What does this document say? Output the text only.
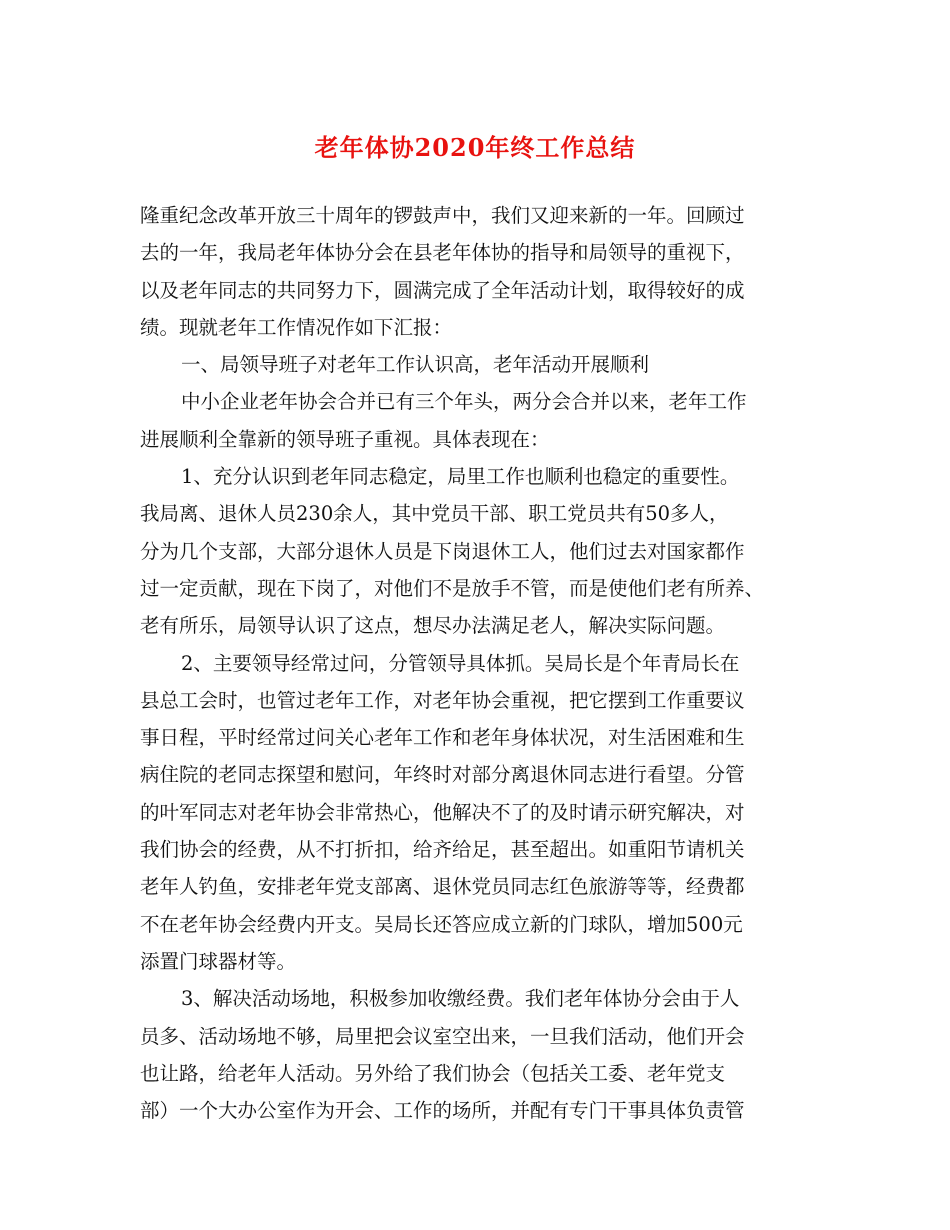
老年体协2020年终工作总结
隆重纪念改革开放三十周年的锣鼓声中，我们又迎来新的一年。回顾过
去的一年，我局老年体协分会在县老年体协的指导和局领导的重视下，
以及老年同志的共同努力下，圆满完成了全年活动计划，取得较好的成
绩。现就老年工作情况作如下汇报：
一、局领导班子对老年工作认识高，老年活动开展顺利
中小企业老年协会合并已有三个年头，两分会合并以来，老年工作
进展顺利全靠新的领导班子重视。具体表现在：
1、充分认识到老年同志稳定，局里工作也顺利也稳定的重要性。
我局离、退休人员230余人，其中党员干部、职工党员共有50多人，
分为几个支部，大部分退休人员是下岗退休工人，他们过去对国家都作
过一定贡献，现在下岗了，对他们不是放手不管，而是使他们老有所养、
老有所乐，局领导认识了这点，想尽办法满足老人，解决实际问题。
2、主要领导经常过问，分管领导具体抓。吴局长是个年青局长在
县总工会时，也管过老年工作，对老年协会重视，把它摆到工作重要议
事日程，平时经常过问关心老年工作和老年身体状况，对生活困难和生
病住院的老同志探望和慰问，年终时对部分离退休同志进行看望。分管
的叶军同志对老年协会非常热心，他解决不了的及时请示研究解决，对
我们协会的经费，从不打折扣，给齐给足，甚至超出。如重阳节请机关
老年人钓鱼，安排老年党支部离、退休党员同志红色旅游等等，经费都
不在老年协会经费内开支。吴局长还答应成立新的门球队，增加500元
添置门球器材等。
3、解决活动场地，积极参加收缴经费。我们老年体协分会由于人
员多、活动场地不够，局里把会议室空出来，一旦我们活动，他们开会
也让路，给老年人活动。另外给了我们协会（包括关工委、老年党支
部）一个大办公室作为开会、工作的场所，并配有专门干事具体负责管
